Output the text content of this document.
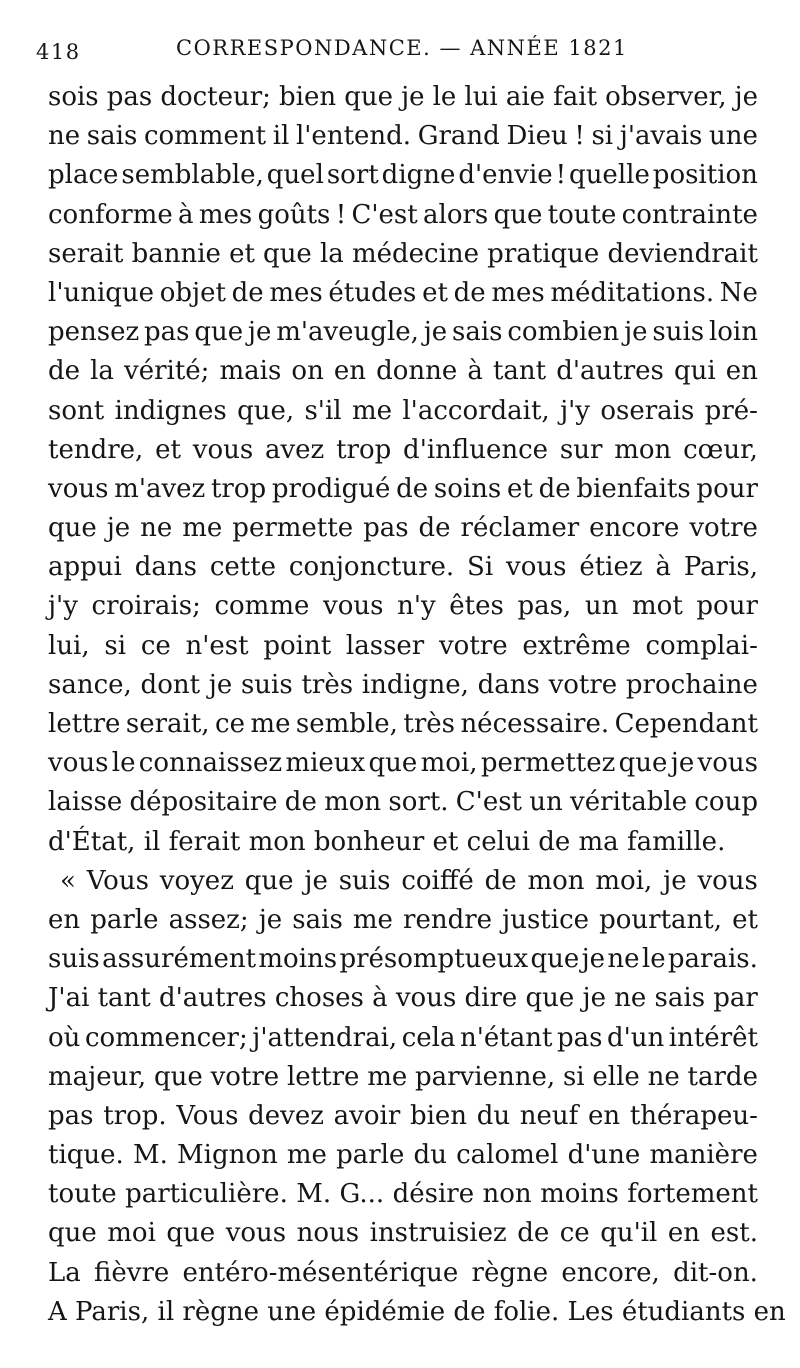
418	CORRESPONDANCE. — ANNÉE 1821
sois pas docteur; bien que je le lui aie fait observer, je
ne sais comment il l'entend. Grand Dieu ! si j'avais une
place semblable, quel sort digne d'envie ! quelle position
conforme à mes goûts ! C'est alors que toute contrainte
serait bannie et que la médecine pratique deviendrait
l'unique objet de mes études et de mes méditations. Ne
pensez pas que je m'aveugle, je sais combien je suis loin
de la vérité; mais on en donne à tant d'autres qui en
sont indignes que, s'il me l'accordait, j'y oserais pré-
tendre, et vous avez trop d'influence sur mon cœur,
vous m'avez trop prodigué de soins et de bienfaits pour
que je ne me permette pas de réclamer encore votre
appui dans cette conjoncture. Si vous étiez à Paris,
j'y croirais; comme vous n'y êtes pas, un mot pour
lui, si ce n'est point lasser votre extrême complai-
sance, dont je suis très indigne, dans votre prochaine
lettre serait, ce me semble, très nécessaire. Cependant
vous le connaissez mieux que moi, permettez que je vous
laisse dépositaire de mon sort. C'est un véritable coup
d'État, il ferait mon bonheur et celui de ma famille.
« Vous voyez que je suis coiffé de mon moi, je vous
en parle assez; je sais me rendre justice pourtant, et
suis assurément moins présomptueux que je ne le parais.
J'ai tant d'autres choses à vous dire que je ne sais par
où commencer; j'attendrai, cela n'étant pas d'un intérêt
majeur, que votre lettre me parvienne, si elle ne tarde
pas trop. Vous devez avoir bien du neuf en thérapeu-
tique. M. Mignon me parle du calomel d'une manière
toute particulière. M. G... désire non moins fortement
que moi que vous nous instruisiez de ce qu'il en est.
La fièvre entéro-mésentérique règne encore, dit-on.
A Paris, il règne une épidémie de folie. Les étudiants en
